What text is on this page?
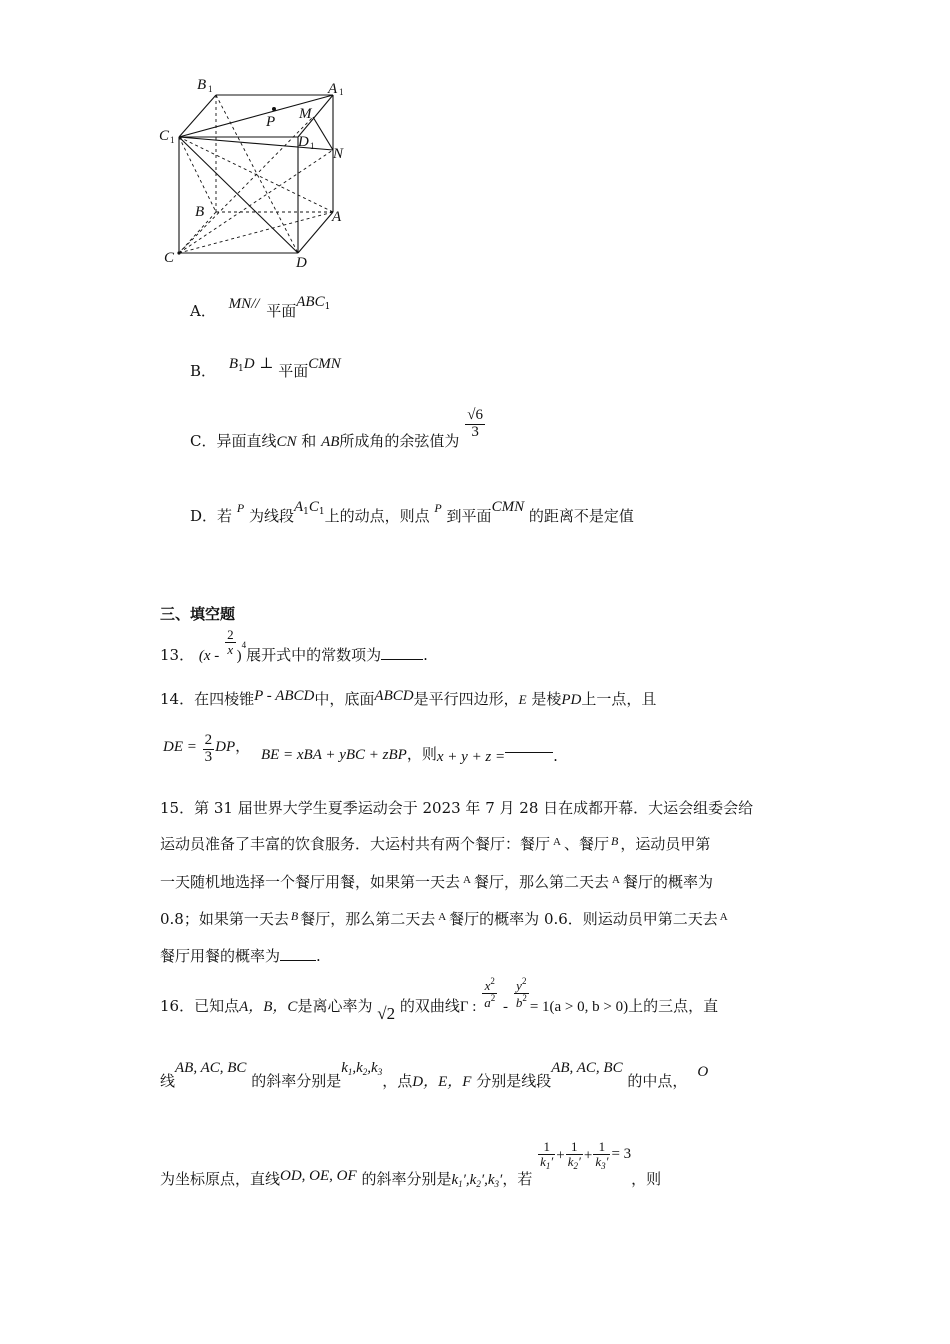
B 1	A 1
C 1	D 1
P M
N
B	A
C	D
A． MN// 平面ABC$^1$
B． $B^1D$ ⊥ 平面CMN
C．异面直线CN 和 AB所成角的余弦值为
$\frac{√6}{3}$
D．若 $^P$ 为线段$A^1C^1$上的动点，则点 $^P$ 到平面CMN 的距离不是定值
三、填空题
13． $(x - \frac{2}{x} )^4$展开式中的常数项为	.
14．在四棱锥P - ABCD中，底面ABCD是平行四边形，E 是棱PD上一点，且
DE = $\frac{2}{3}$ DP， BE = xBA + yBC + zBP，则x + y + z =	.
15．第 31 届世界大学生夏季运动会于 2023 年 7 月 28 日在成都开幕．大运会组委会给
运动员准备了丰富的饮食服务．大运村共有两个餐厅：餐厅 $^A$ 、餐厅 $^B$ ，运动员甲第
一天随机地选择一个餐厅用餐，如果第一天去 $^A$ 餐厅，那么第二天去 $^A$ 餐厅的概率为
0.8；如果第一天去 $^B$ 餐厅，那么第二天去 $^A$ 餐厅的概率为 0.6．则运动员甲第二天去 $^A$
餐厅用餐的概率为 .
16．已知点A，B，C是离心率为 √2 的双曲线Γ : $\frac{x^2}{a^2} - \frac{y^2}{b^2} = 1(a > 0$, b > 0)上的三点，直
线AB, AC, BC 的斜率分别是$k_1,k_2,k_3$，点D，E，F 分别是线段AB, AC, BC 的中点， O
为坐标原点，直线OD, OE, OF 的斜率分别是$k_1',k_2',k_3'$，若
$\frac{1}{k_1'} + \frac{1}{k_2'} + \frac{1}{k_3'} = 3$，则
